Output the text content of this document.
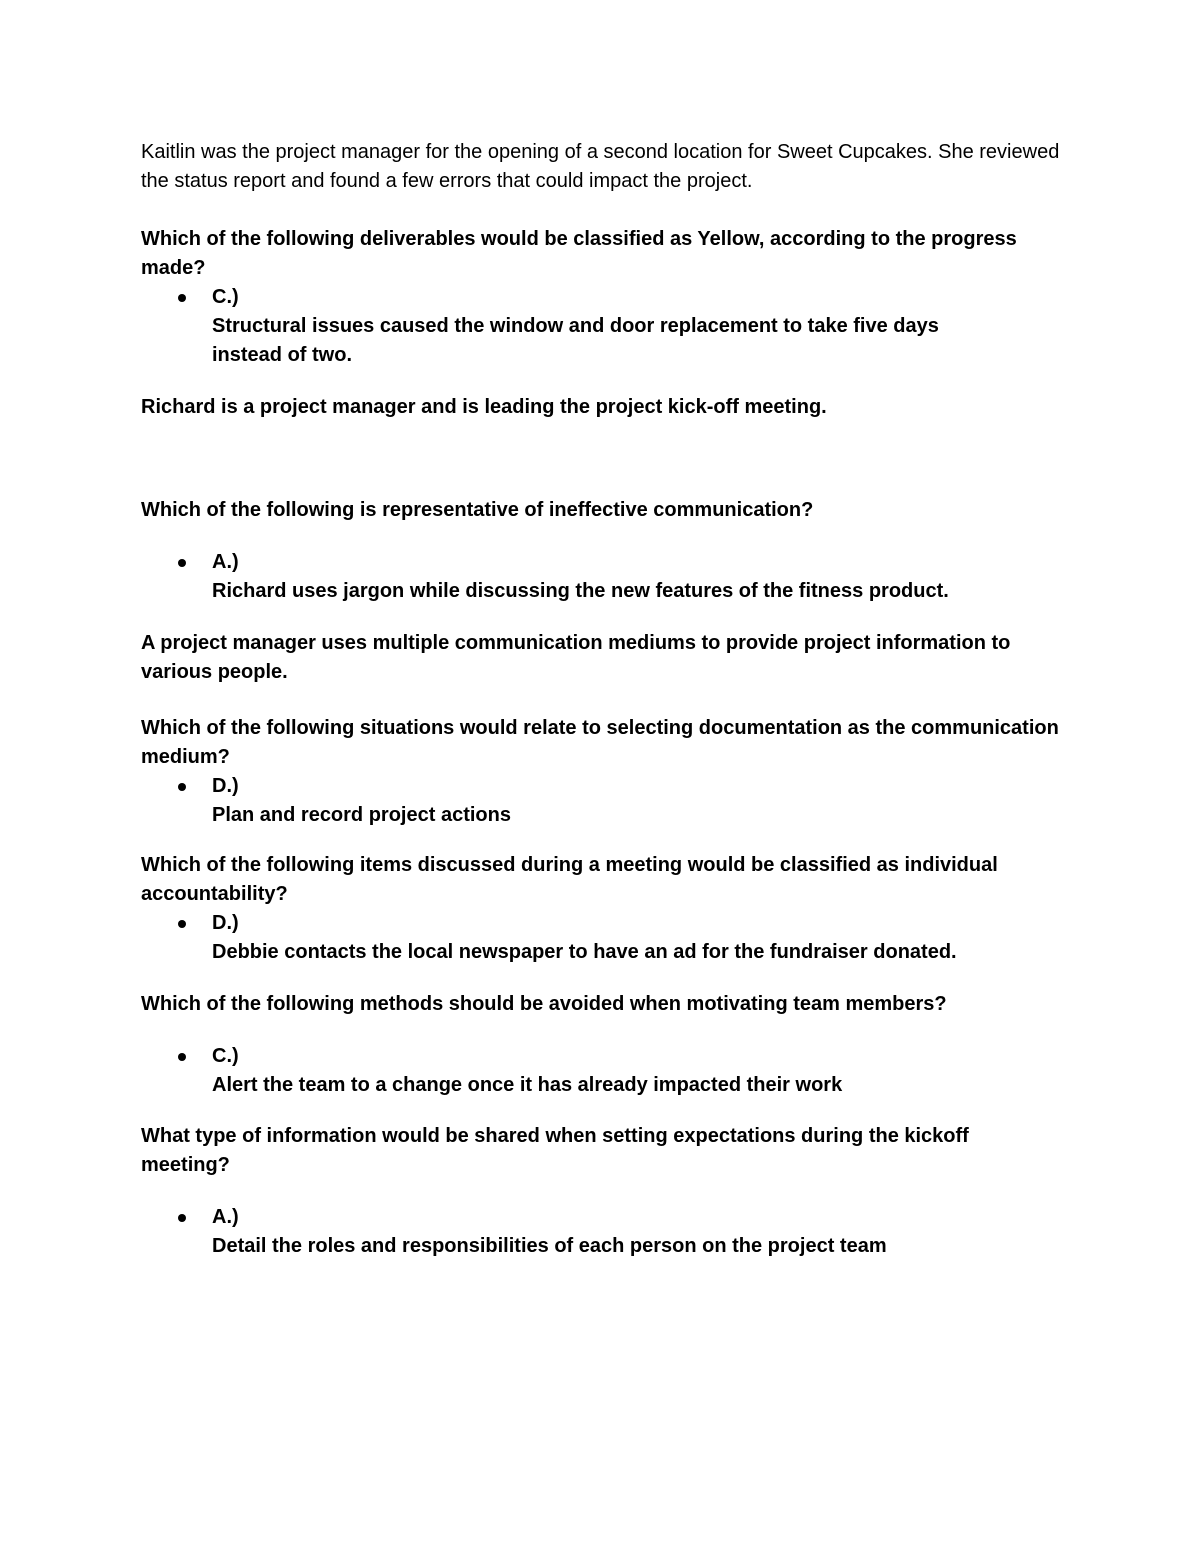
Kaitlin was the project manager for the opening of a second location for Sweet Cupcakes. She reviewed the status report and found a few errors that could impact the project.

Which of the following deliverables would be classified as Yellow, according to the progress made?

C.)
Structural issues caused the window and door replacement to take five days instead of two.

Richard is a project manager and is leading the project kick-off meeting.

Which of the following is representative of ineffective communication?

A.)
Richard uses jargon while discussing the new features of the fitness product.

A project manager uses multiple communication mediums to provide project information to various people.

Which of the following situations would relate to selecting documentation as the communication medium?

D.)
Plan and record project actions

Which of the following items discussed during a meeting would be classified as individual accountability?

D.)
Debbie contacts the local newspaper to have an ad for the fundraiser donated.

Which of the following methods should be avoided when motivating team members?

C.)
Alert the team to a change once it has already impacted their work

What type of information would be shared when setting expectations during the kickoff meeting?

A.)
Detail the roles and responsibilities of each person on the project team
